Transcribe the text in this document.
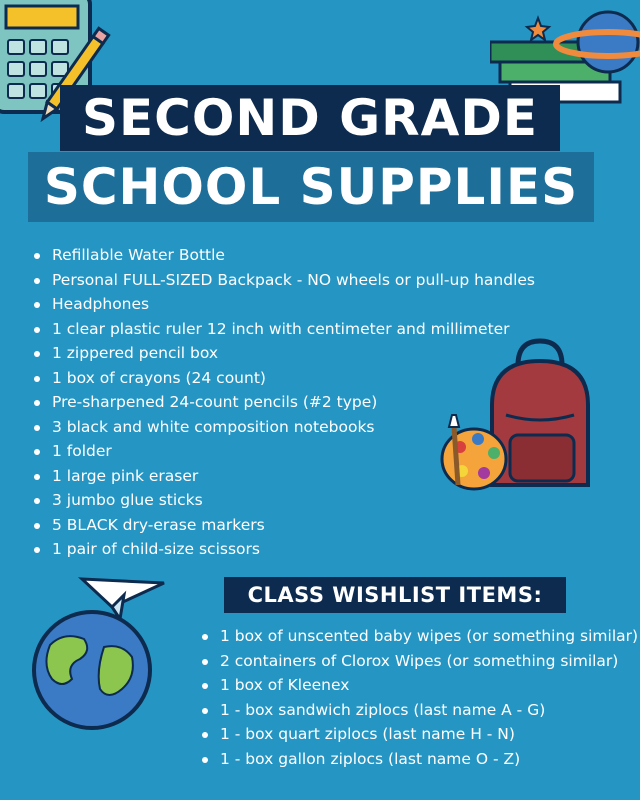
SECOND GRADE
SCHOOL SUPPLIES
Refillable Water Bottle
Personal FULL-SIZED Backpack - NO wheels or pull-up handles
Headphones
1 clear plastic ruler 12 inch with centimeter and millimeter
1 zippered pencil box
1 box of crayons (24 count)
Pre-sharpened 24-count pencils (#2 type)
3 black and white composition notebooks
1 folder
1 large pink eraser
3 jumbo glue sticks
5 BLACK dry-erase markers
1 pair of child-size scissors
CLASS WISHLIST ITEMS:
1 box of unscented baby wipes (or something similar)
2 containers of Clorox Wipes (or something similar)
1 box of Kleenex
1 - box sandwich ziplocs (last name A - G)
1 - box quart ziplocs (last name H - N)
1 - box gallon ziplocs (last name O - Z)
